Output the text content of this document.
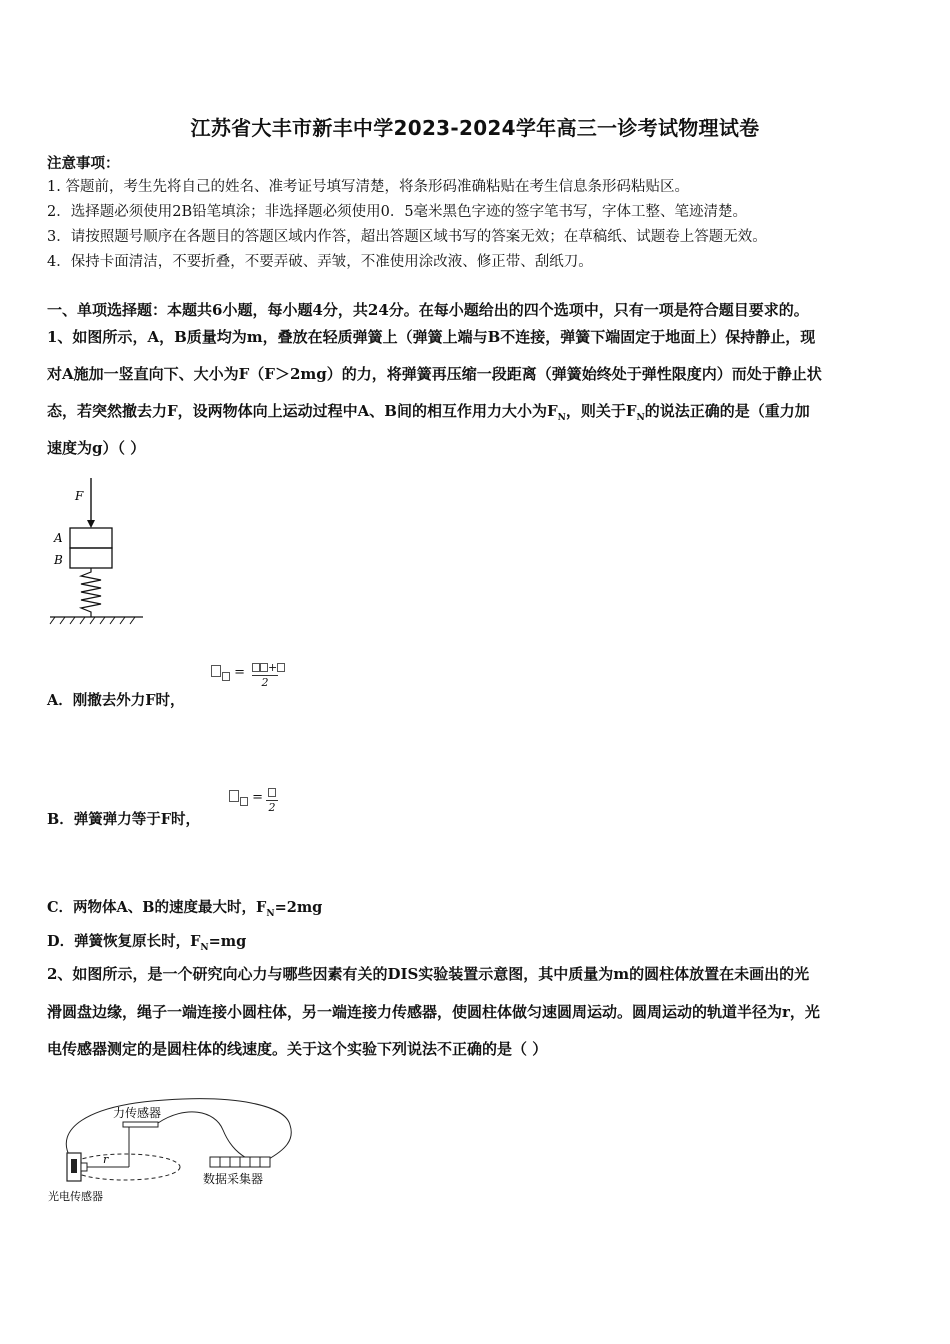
江苏省大丰市新丰中学2023-2024学年高三一诊考试物理试卷
注意事项：
1. 答题前，考生先将自己的姓名、准考证号填写清楚，将条形码准确粘贴在考生信息条形码粘贴区。
2．选择题必须使用2B铅笔填涂；非选择题必须使用0．5毫米黑色字迹的签字笔书写，字体工整、笔迹清楚。
3．请按照题号顺序在各题目的答题区域内作答，超出答题区域书写的答案无效；在草稿纸、试题卷上答题无效。
4．保持卡面清洁，不要折叠，不要弄破、弄皱，不准使用涂改液、修正带、刮纸刀。
一、单项选择题：本题共6小题，每小题4分，共24分。在每小题给出的四个选项中，只有一项是符合题目要求的。
1、如图所示，A，B质量均为m，叠放在轻质弹簧上（弹簧上端与B不连接，弹簧下端固定于地面上）保持静止，现
对A施加一竖直向下、大小为F（F＞2mg）的力，将弹簧再压缩一段距离（弹簧始终处于弹性限度内）而处于静止状
态，若突然撤去力F，设两物体向上运动过程中A、B间的相互作用力大小为$F_N$，则关于$F_N$的说法正确的是（重力加
速度为g）（ ）
F
A
B
=	+
2
A．刚撤去外力F时，
=
2
B．弹簧弹力等于F时，
C．两物体A、B的速度最大时，$F_N=2mg$
D．弹簧恢复原长时，$F_N=mg$
2、如图所示，是一个研究向心力与哪些因素有关的DIS实验装置示意图，其中质量为m的圆柱体放置在未画出的光
滑圆盘边缘，绳子一端连接小圆柱体，另一端连接力传感器，使圆柱体做匀速圆周运动。圆周运动的轨道半径为r，光
电传感器测定的是圆柱体的线速度。关于这个实验下列说法不正确的是（ ）
力传感器
r
光电传感器
数据采集器
